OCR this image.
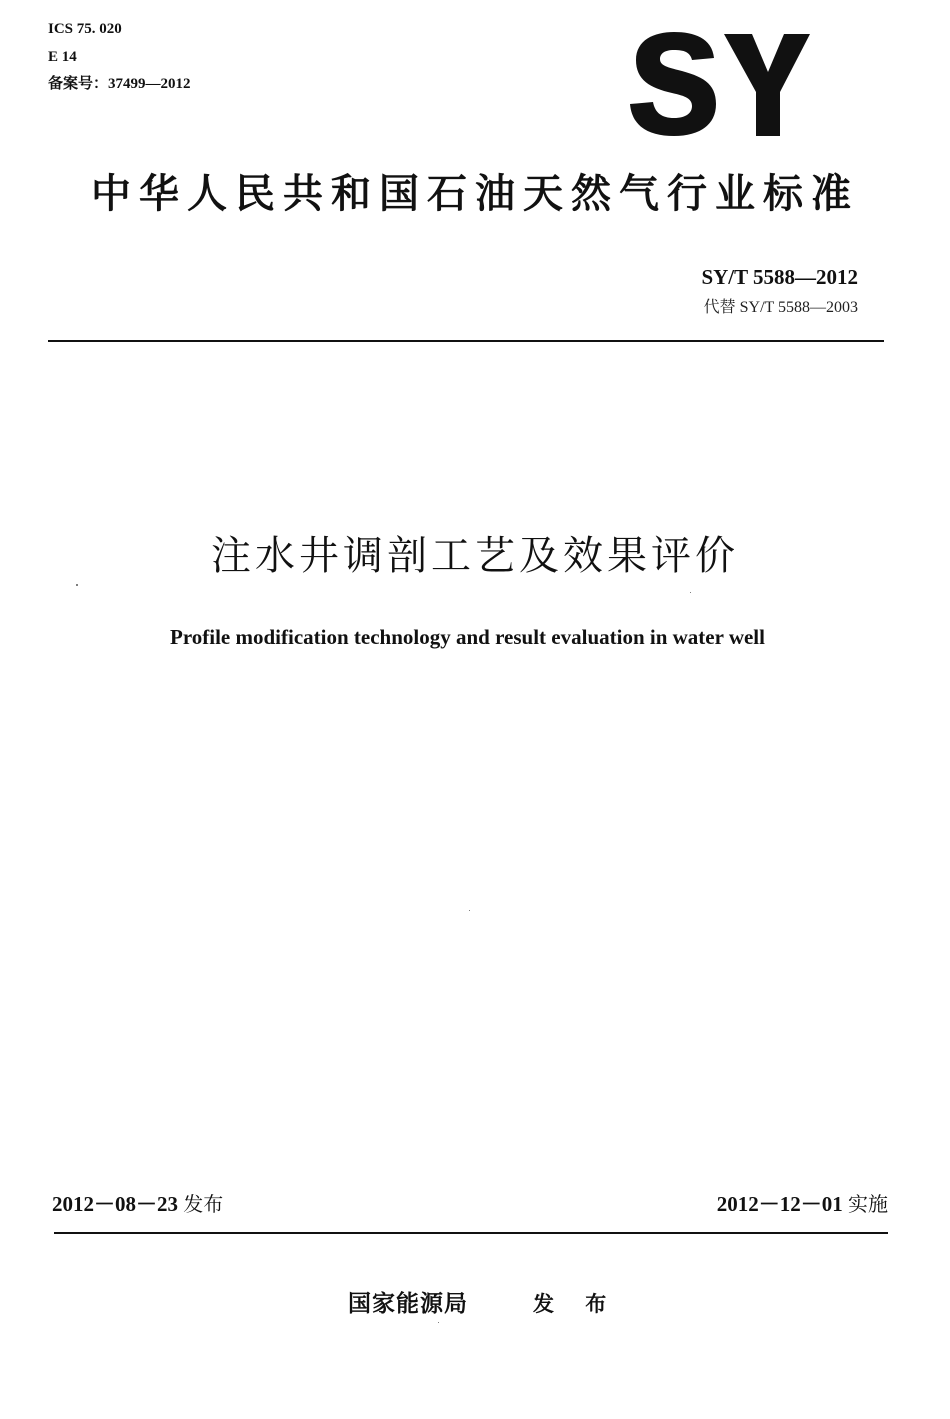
ICS 75. 020
E 14
备案号：37499—2012
中华人民共和国石油天然气行业标准
SY/T 5588—2012
代替 SY/T 5588—2003
注水井调剖工艺及效果评价
Profile modification technology and result evaluation in water well
2012－08－23 发布	2012－12－01 实施
国家能源局	发 布
